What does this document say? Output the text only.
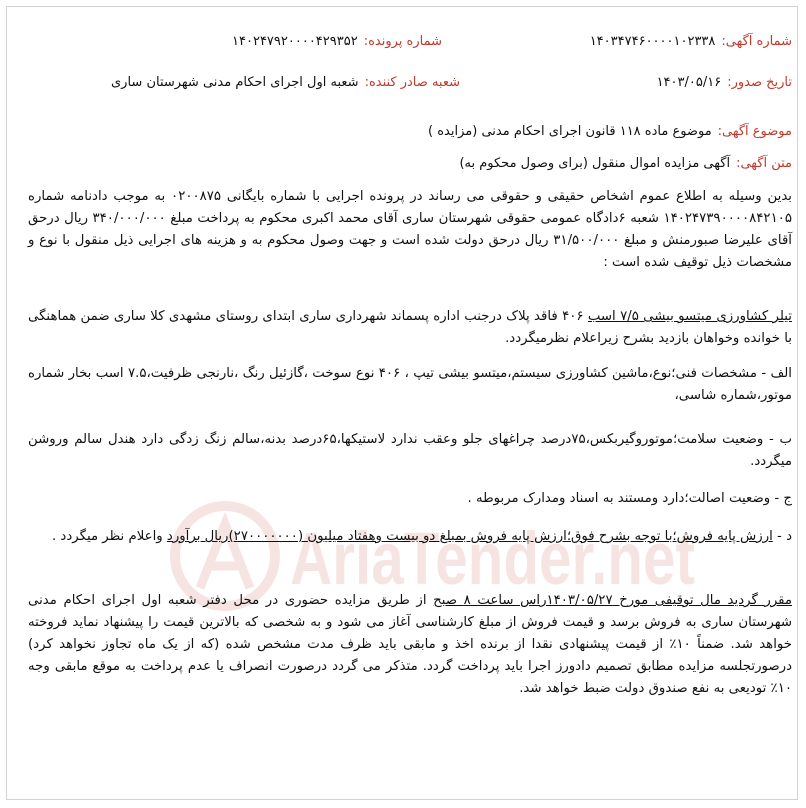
AriaTender.net
شماره آگهی:۱۴۰۳۴۷۴۶۰۰۰۰۱۰۲۳۳۸
شماره پرونده:۱۴۰۲۴۷۹۲۰۰۰۰۴۲۹۳۵۲
تاریخ صدور:۱۴۰۳/۰۵/۱۶
شعبه صادر کننده:شعبه اول اجرای احکام مدنی شهرستان ساری
موضوع آگهی:موضوع ماده ۱۱۸ قانون اجرای احکام مدنی (مزایده )
متن آگهی:آگهی مزایده اموال منقول (برای وصول محکوم به)

بدین وسیله به اطلاع عموم اشخاص حقیقی و حقوقی می رساند در پرونده اجرایی با شماره بایگانی ۰۲۰۰۸۷۵ به موجب دادنامه شماره ۱۴۰۲۴۷۳۹۰۰۰۰۸۴۲۱۰۵ شعبه ۶دادگاه عمومی حقوقی شهرستان ساری آقای محمد اکبری محکوم به پرداخت مبلغ ۳۴۰/۰۰۰/۰۰۰ ریال درحق آقای علیرضا صبورمنش و مبلغ ۳۱/۵۰۰/۰۰۰ ریال درحق دولت شده است و جهت وصول محکوم به و هزینه های اجرایی ذیل منقول با نوع و مشخصات ذیل توقیف شده است :

تیلر کشاورزی میتسو بیشی ۷/۵ اسب ۴۰۶ فاقد پلاک درجنب اداره پسماند شهرداری ساری ابتدای روستای مشهدی کلا ساری ضمن هماهنگی با خوانده وخواهان بازدید بشرح زیراعلام نظرمیگردد.

الف - مشخصات فنی؛نوع،ماشین کشاورزی سیستم،میتسو بیشی تیپ ، ۴۰۶ نوع سوخت ،گازئیل رنگ ،نارنجی ظرفیت،۷.۵ اسب بخار شماره موتور،شماره شاسی،

ب - وضعیت سلامت؛موتوروگیربکس،۷۵درصد چراغهای جلو وعقب ندارد لاستیکها،۶۵درصد بدنه،سالم زنگ زدگی دارد هندل سالم وروشن میگردد.

ج - وضعیت اصالت؛دارد ومستند به اسناد ومدارک مربوطه .

د - ارزش پایه فروش؛با توجه بشرح فوق؛ارزش پایه فروش بمبلغ دو بیست وهفتاد میلیون (۲۷۰۰۰۰۰۰۰)ریال برآورد واعلام نظر میگردد .

مقرر گردید مال توقیفی مورخ ۱۴۰۳/۰۵/۲۷راس ساعت ۸ صبح از طریق مزایده حضوری در محل دفتر شعبه اول اجرای احکام مدنی شهرستان ساری به فروش برسد و قیمت فروش از مبلغ کارشناسی آغاز می شود و به شخصی که بالاترین قیمت را پیشنهاد نماید فروخته خواهد شد. ضمناً ۱۰٪ از قیمت پیشنهادی نقدا از برنده اخذ و مابقی باید ظرف مدت مشخص شده (که از یک ماه تجاوز نخواهد کرد) درصورتجلسه مزایده مطابق تصمیم دادورز اجرا باید پرداخت گردد. متذکر می گردد درصورت انصراف یا عدم پرداخت به موقع مابقی وجه ۱۰٪ تودیعی به نفع صندوق دولت ضبط خواهد شد.
